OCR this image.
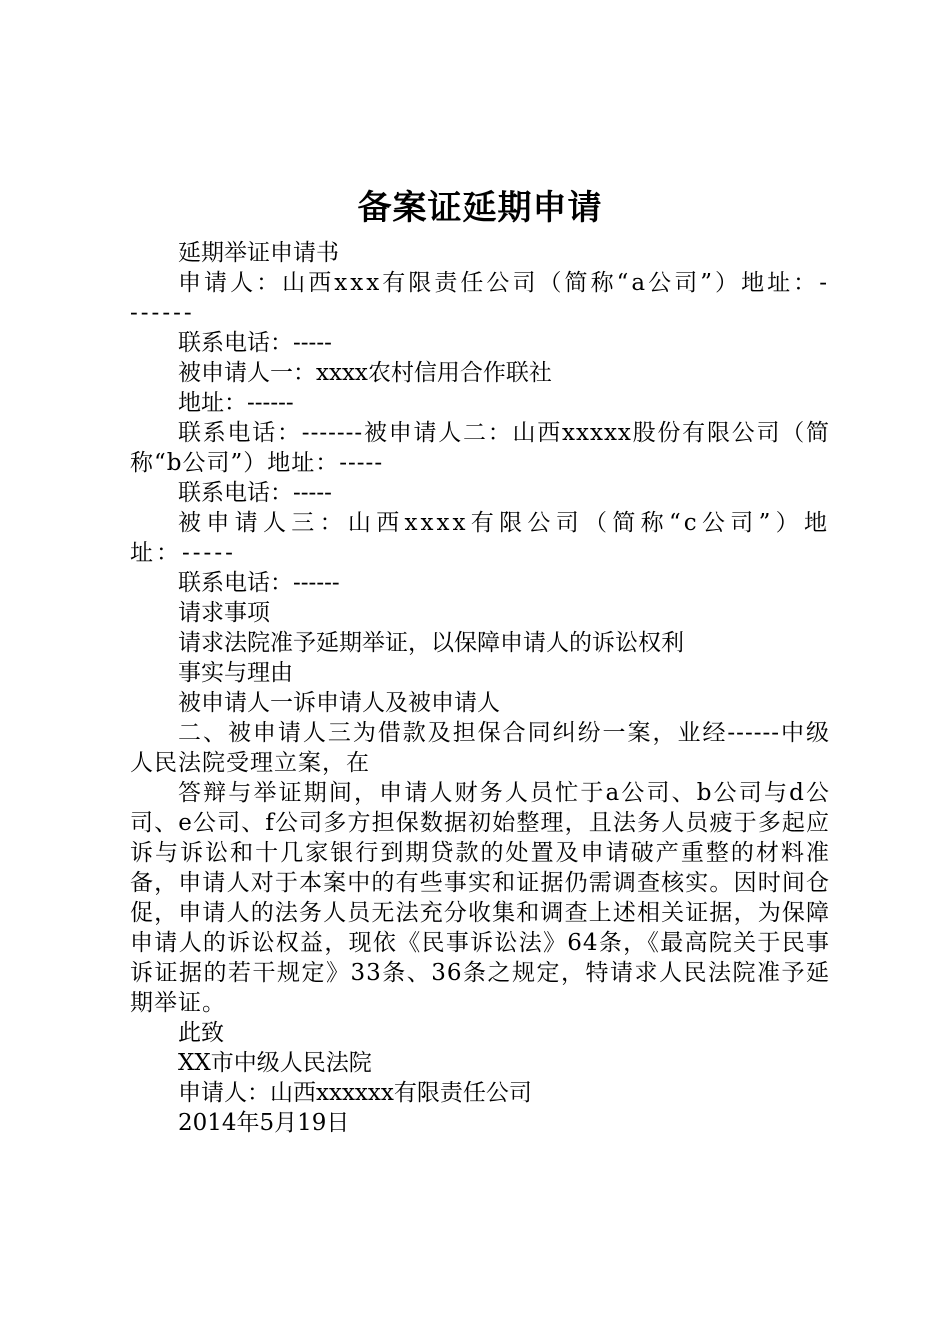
备案证延期申请

延期举证申请书

申请人：山西xxx有限责任公司（简称“a公司”）地址：-------

联系电话：-----

被申请人一：xxxx农村信用合作联社

地址：------

联系电话：-------被申请人二：山西xxxxx股份有限公司（简称“b公司”）地址：-----

联系电话：-----

被申请人三：山西xxxx有限公司（简称“c公司”）地址：-----

联系电话：------

请求事项

请求法院准予延期举证，以保障申请人的诉讼权利

事实与理由

被申请人一诉申请人及被申请人

二、被申请人三为借款及担保合同纠纷一案，业经------中级人民法院受理立案，在

答辩与举证期间，申请人财务人员忙于a公司、b公司与d公司、e公司、f公司多方担保数据初始整理，且法务人员疲于多起应诉与诉讼和十几家银行到期贷款的处置及申请破产重整的材料准备，申请人对于本案中的有些事实和证据仍需调查核实。因时间仓促，申请人的法务人员无法充分收集和调查上述相关证据，为保障申请人的诉讼权益，现依《民事诉讼法》64条，《最高院关于民事诉证据的若干规定》33条、36条之规定，特请求人民法院准予延期举证。

此致

XX市中级人民法院

申请人：山西xxxxxx有限责任公司

2014年5月19日
